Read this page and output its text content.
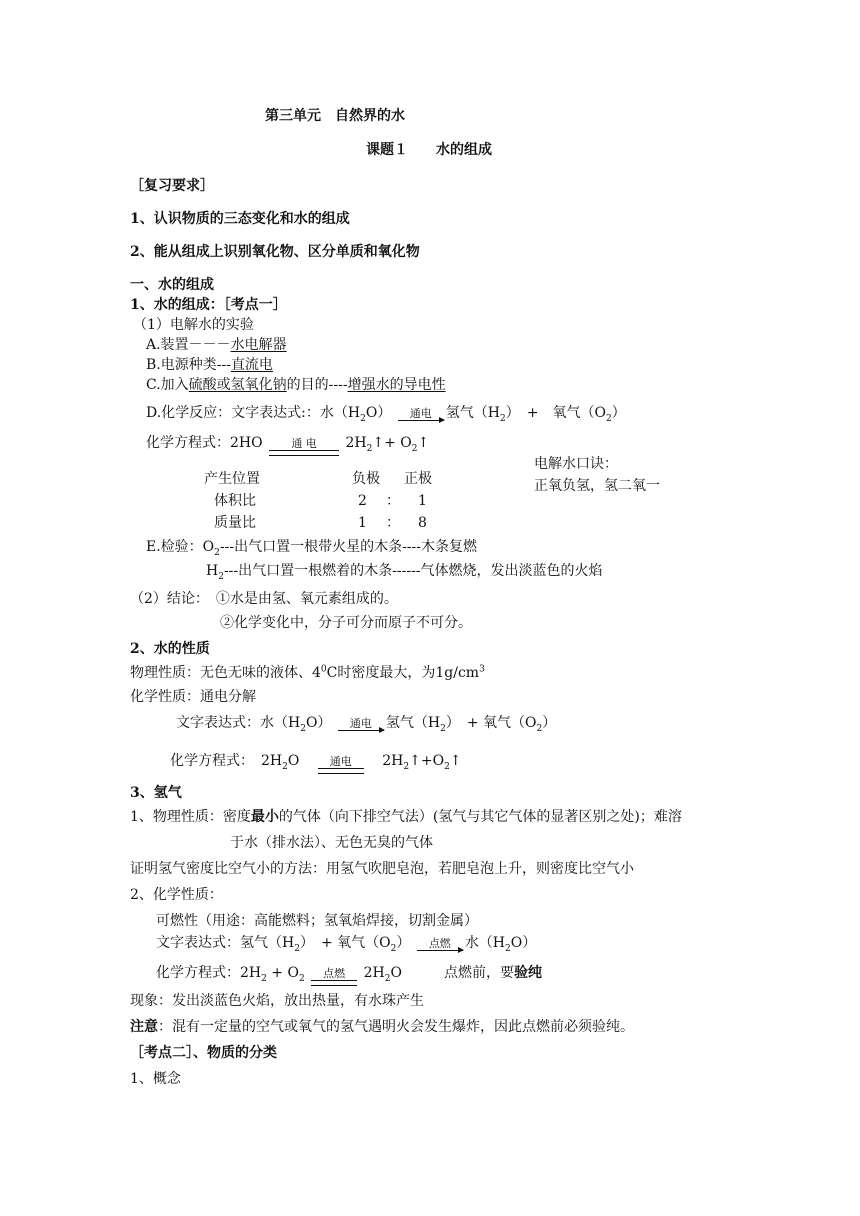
第三单元　自然界的水
课题１　　水的组成
［复习要求］
1、认识物质的三态变化和水的组成
2、能从组成上识别氧化物、区分单质和氧化物
一、水的组成
1、水的组成：［考点一］
（1）电解水的实验
A.装置－－－水电解器
B.电源种类---直流电
C.加入硫酸或氢氧化钠的目的----增强水的导电性
D.化学反应：文字表达式:：水$(H_2O)$	通电	氢气$(H_2)$　+　氧气$(O_2)$
化学方程式：2HO	通 电	$2H_2↑+$ $O_2↑$
电解水口诀：
正氧负氢，氢二氧一
产生位置	负极 正极
体积比	2 ： 1
质量比	1 ： 8
E.检验：$O_2---$出气口置一根带火星的木条----木条复燃
$H_2---$出气口置一根燃着的木条------气体燃烧，发出淡蓝色的火焰
（2）结论：　①水是由氢、氧元素组成的。
②化学变化中，分子可分而原子不可分。
2、水的性质
物理性质：无色无味的液体、$4^0C$时密度最大，为$1g/cm^3$
化学性质：通电分解
文字表达式：水$(H_2O)$	通电	氢气$(H_2)$　+ 氧气$(O_2)$
化学方程式：　$2H_2O$	通电	$2H_2↑+O_2↑$
3、氢气
1、物理性质：密度最小的气体（向下排空气法）(氢气与其它气体的显著区别之处)；难溶
于水（排水法）、无色无臭的气体
证明氢气密度比空气小的方法：用氢气吹肥皂泡，若肥皂泡上升，则密度比空气小
2、化学性质：
可燃性（用途：高能燃料；氢氧焰焊接，切割金属）
文字表达式：氢气$(H_2)$　+ 氧气$(O_2)$	点燃	水$(H_2O)$
化学方程式：$2H_2 + O_2$	点燃	$2H_2O$　　　点燃前，要验纯
现象：发出淡蓝色火焰，放出热量，有水珠产生
注意：混有一定量的空气或氧气的氢气遇明火会发生爆炸，因此点燃前必须验纯。
［考点二］、物质的分类
1、概念
